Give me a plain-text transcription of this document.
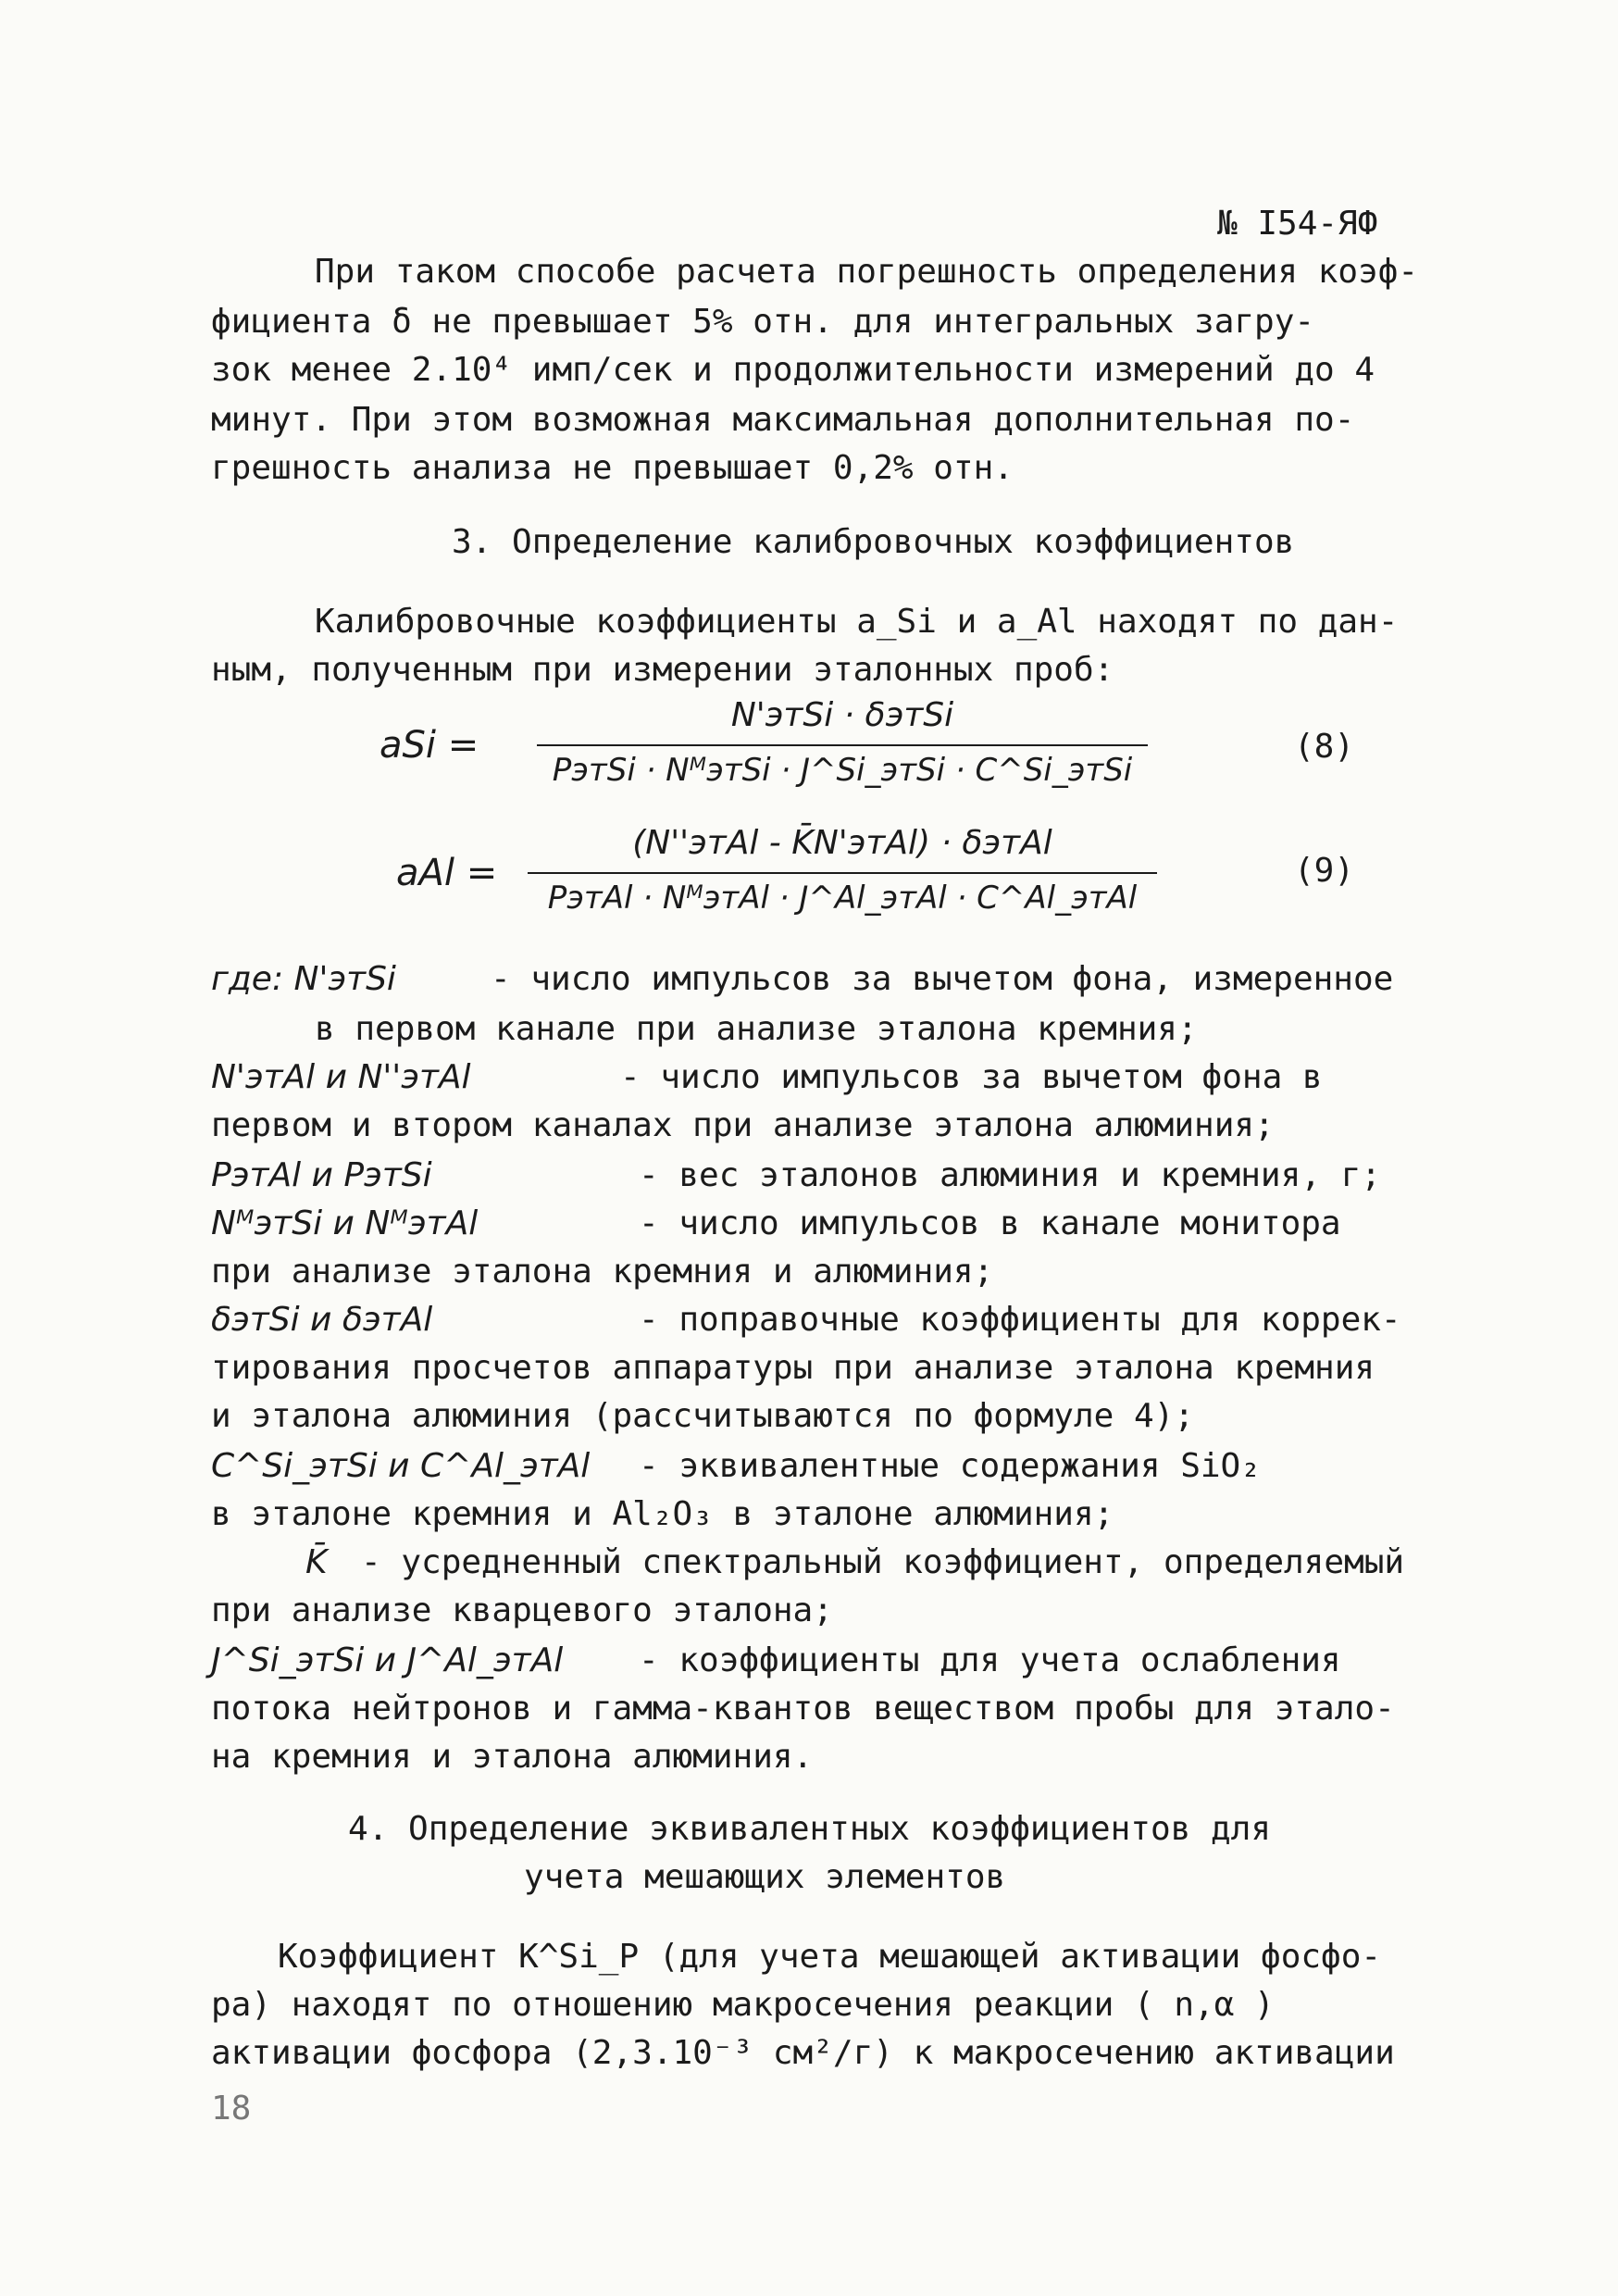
№ I54-ЯФ
При таком способе расчета погрешность определения коэф-
фициента δ не превышает 5% отн. для интегральных загру-
зок менее 2.10⁴ имп/сек и продолжительности измерений до 4
минут. При этом возможная максимальная дополнительная по-
грешность анализа не превышает 0,2% отн.
3. Определение калибровочных коэффициентов
Калибровочные коэффициенты a_Si и a_Al находят по дан-
ным, полученным при измерении эталонных проб:
aSi =
N'этSi · δэтSi
PэтSi · NᴹэтSi · J^Si_этSi · C^Si_этSi
(8)
aAl =
(N''этAl - K̄N'этAl) · δэтAl
PэтAl · NᴹэтAl · J^Al_этAl · C^Al_этAl
(9)
где: N'этSi	- число импульсов за вычетом фона, измеренное
в первом канале при анализе эталона кремния;
N'этAl и N''этAl	- число импульсов за вычетом фона в
первом и втором каналах при анализе эталона алюминия;
PэтAl и PэтSi	- вес эталонов алюминия и кремния, г;
NᴹэтSi и NᴹэтAl	- число импульсов в канале монитора
при анализе эталона кремния и алюминия;
δэтSi и δэтAl	- поправочные коэффициенты для коррек-
тирования просчетов аппаратуры при анализе эталона кремния
и эталона алюминия (рассчитываются по формуле 4);
C^Si_этSi и C^Al_этAl - эквивалентные содержания SiO₂
в эталоне кремния и Al₂O₃ в эталоне алюминия;
K̄ - усредненный спектральный коэффициент, определяемый
при анализе кварцевого эталона;
J^Si_этSi и J^Al_этAl - коэффициенты для учета ослабления
потока нейтронов и гамма-квантов веществом пробы для этало-
на кремния и эталона алюминия.
4. Определение эквивалентных коэффициентов для
учета мешающих элементов
Коэффициент K^Si_P (для учета мешающей активации фосфо-
ра) находят по отношению макросечения реакции ( n,α )
активации фосфора (2,3.10⁻³ см²/г) к макросечению активации
18
